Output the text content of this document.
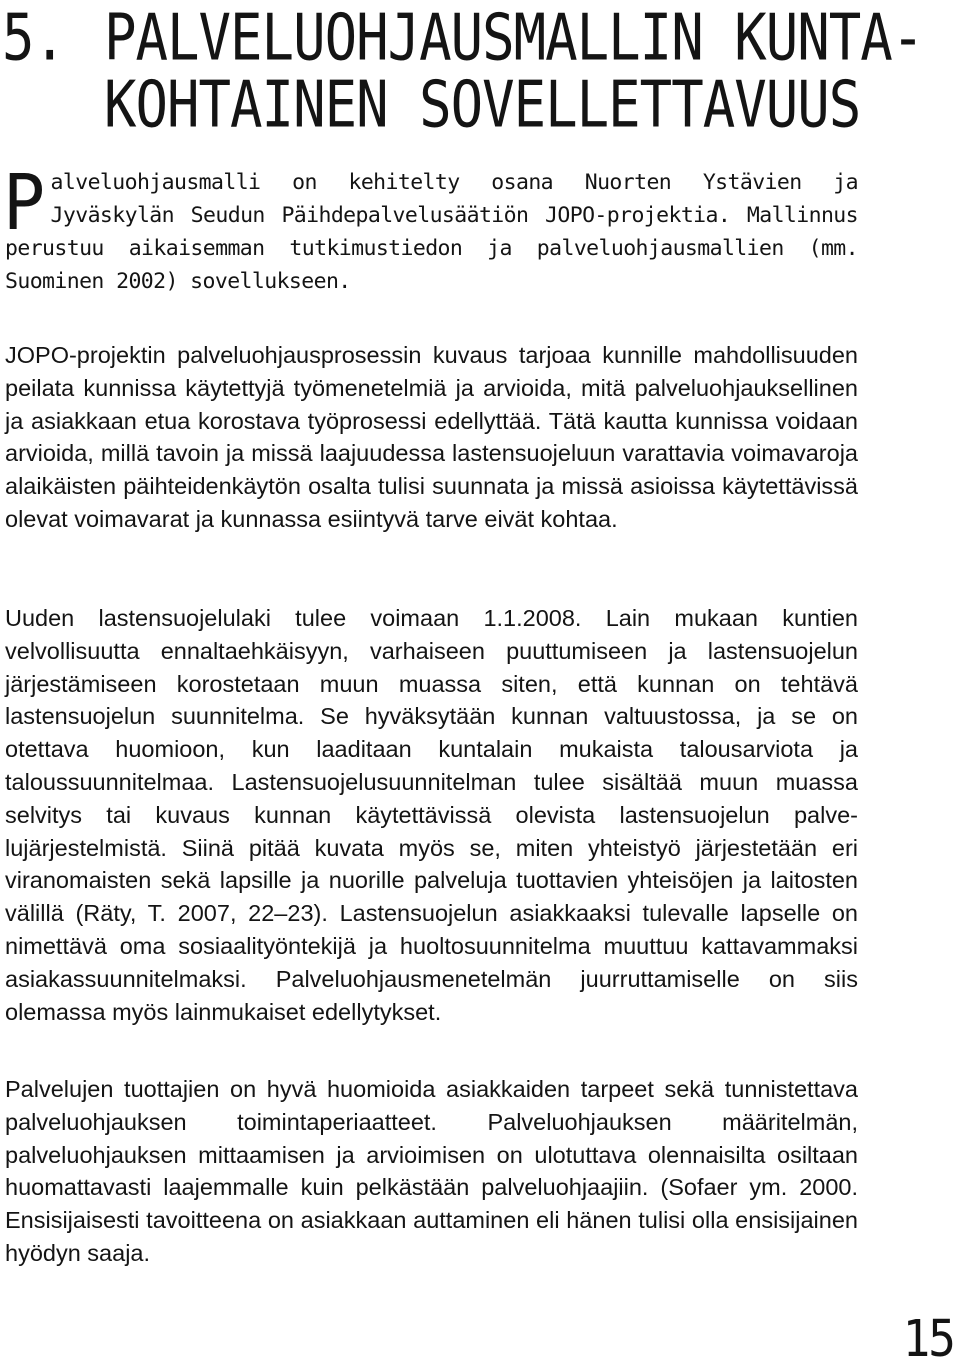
5. PALVELUOHJAUSMALLIN KUNTA-
KOHTAINEN SOVELLETTAVUUS

Palveluohjausmalli on kehitelty osana Nuorten Ystävien ja Jyväskylän Seudun Päihdepalvelusäätiön JOPO-projektia. Mallinnus perustuu aikaisemman tutkimustiedon ja palveluohjausmallien (mm. Suominen 2002) sovellukseen.

JOPO-projektin palveluohjausprosessin kuvaus tarjoaa kunnille mahdollisuuden peilata kunnissa käytettyjä työmenetelmiä ja arvioida, mitä palveluohjauksellinen ja asiakkaan etua korostava työprosessi edellyttää. Tätä kautta kunnissa voidaan arvioida, millä tavoin ja missä laajuudessa lastensuojeluun varattavia voimavaroja alaikäisten päihteidenkäytön osalta tulisi suunnata ja missä asioissa käytettävissä olevat voimavarat ja kunnassa esiintyvä tarve eivät kohtaa.

Uuden lastensuojelulaki tulee voimaan 1.1.2008. Lain mukaan kuntien velvollisuutta ennaltaehkäisyyn, varhaiseen puuttumiseen ja lastensuojelun järjestämiseen korostetaan muun muassa siten, että kunnan on tehtävä lastensuojelun suunnitelma. Se hyväksytään kunnan valtuustossa, ja se on otettava huomioon, kun laaditaan kuntalain mukaista talousarviota ja taloussuunnitelmaa. Lastensuojelusuunnitelman tulee sisältää muun muassa selvitys tai kuvaus kunnan käytettävissä olevista lastensuojelun palvelujärjestelmistä. Siinä pitää kuvata myös se, miten yhteistyö järjestetään eri viranomaisten sekä lapsille ja nuorille palveluja tuottavien yhteisöjen ja laitosten välillä (Räty, T. 2007, 22–23). Lastensuojelun asiakkaaksi tulevalle lapselle on nimettävä oma sosiaalityöntekijä ja huoltosuunnitelma muuttuu kattavammaksi asiakassuunnitelmaksi. Palveluohjausmenetelmän juurruttamiselle on siis olemassa myös lainmukaiset edellytykset.

Palvelujen tuottajien on hyvä huomioida asiakkaiden tarpeet sekä tunnistettava palveluohjauksen toimintaperiaatteet. Palveluohjauksen määritelmän, palveluohjauksen mittaamisen ja arvioimisen on ulotuttava olennaisilta osiltaan huomattavasti laajemmalle kuin pelkästään palveluohjaajiin. (Sofaer ym. 2000. Ensisijaisesti tavoitteena on asiakkaan auttaminen eli hänen tulisi olla ensisijainen hyödyn saaja.

15
